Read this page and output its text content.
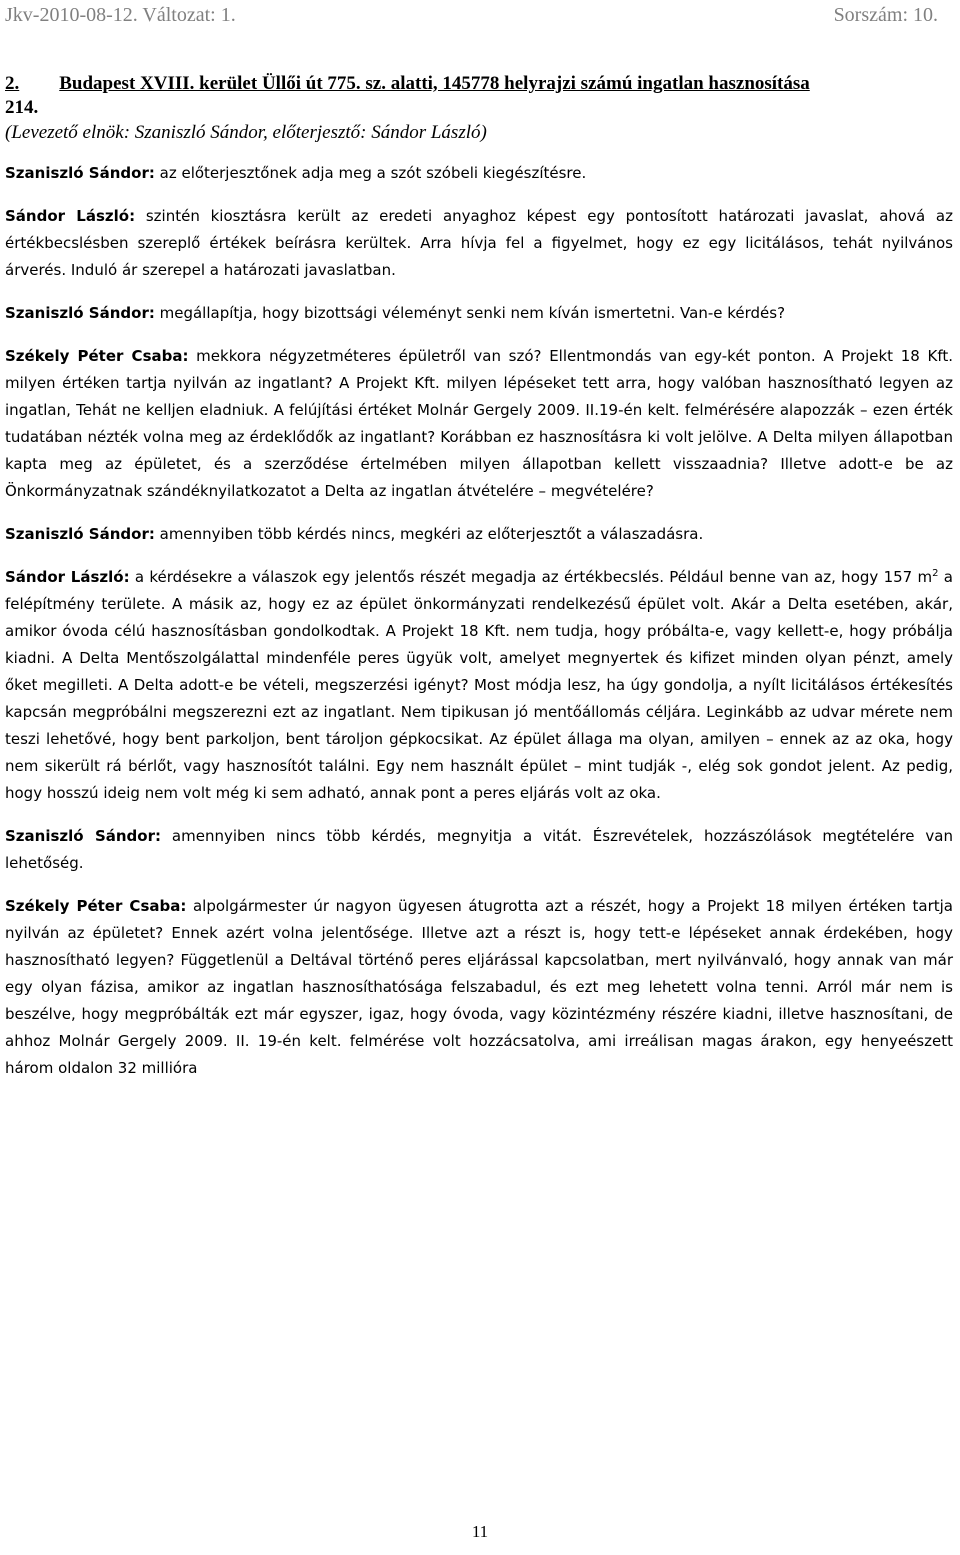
Jkv-2010-08-12. Változat: 1.	Sorszám: 10.
2. Budapest XVIII. kerület Üllői út 775. sz. alatti, 145778 helyrajzi számú ingatlan hasznosítása
214.
(Levezető elnök: Szaniszló Sándor, előterjesztő: Sándor László)
Szaniszló Sándor: az előterjesztőnek adja meg a szót szóbeli kiegészítésre.
Sándor László: szintén kiosztásra került az eredeti anyaghoz képest egy pontosított határozati javaslat, ahová az értékbecslésben szereplő értékek beírásra kerültek. Arra hívja fel a figyelmet, hogy ez egy licitálásos, tehát nyilvános árverés. Induló ár szerepel a határozati javaslatban.
Szaniszló Sándor: megállapítja, hogy bizottsági véleményt senki nem kíván ismertetni. Van-e kérdés?
Székely Péter Csaba: mekkora négyzetméteres épületről van szó? Ellentmondás van egy-két ponton. A Projekt 18 Kft. milyen értéken tartja nyilván az ingatlant? A Projekt Kft. milyen lépéseket tett arra, hogy valóban hasznosítható legyen az ingatlan, Tehát ne kelljen eladniuk. A felújítási értéket Molnár Gergely 2009. II.19-én kelt. felmérésére alapozzák – ezen érték tudatában nézték volna meg az érdeklődők az ingatlant? Korábban ez hasznosításra ki volt jelölve. A Delta milyen állapotban kapta meg az épületet, és a szerződése értelmében milyen állapotban kellett visszaadnia? Illetve adott-e be az Önkormányzatnak szándéknyilatkozatot a Delta az ingatlan átvételére – megvételére?
Szaniszló Sándor: amennyiben több kérdés nincs, megkéri az előterjesztőt a válaszadásra.
Sándor László: a kérdésekre a válaszok egy jelentős részét megadja az értékbecslés. Például benne van az, hogy 157 $m^2$ a felépítmény területe. A másik az, hogy ez az épület önkormányzati rendelkezésű épület volt. Akár a Delta esetében, akár, amikor óvoda célú hasznosításban gondolkodtak. A Projekt 18 Kft. nem tudja, hogy próbálta-e, vagy kellett-e, hogy próbálja kiadni. A Delta Mentőszolgálattal mindenféle peres ügyük volt, amelyet megnyertek és kifizet minden olyan pénzt, amely őket megilleti. A Delta adott-e be vételi, megszerzési igényt? Most módja lesz, ha úgy gondolja, a nyílt licitálásos értékesítés kapcsán megpróbálni megszerezni ezt az ingatlant. Nem tipikusan jó mentőállomás céljára. Leginkább az udvar mérete nem teszi lehetővé, hogy bent parkoljon, bent tároljon gépkocsikat. Az épület állaga ma olyan, amilyen – ennek az az oka, hogy nem sikerült rá bérlőt, vagy hasznosítót találni. Egy nem használt épület – mint tudják -, elég sok gondot jelent. Az pedig, hogy hosszú ideig nem volt még ki sem adható, annak pont a peres eljárás volt az oka.
Szaniszló Sándor: amennyiben nincs több kérdés, megnyitja a vitát. Észrevételek, hozzászólások megtételére van lehetőség.
Székely Péter Csaba: alpolgármester úr nagyon ügyesen átugrotta azt a részét, hogy a Projekt 18 milyen értéken tartja nyilván az épületet? Ennek azért volna jelentősége. Illetve azt a részt is, hogy tett-e lépéseket annak érdekében, hogy hasznosítható legyen? Függetlenül a Deltával történő peres eljárással kapcsolatban, mert nyilvánvaló, hogy annak van már egy olyan fázisa, amikor az ingatlan hasznosíthatósága felszabadul, és ezt meg lehetett volna tenni. Arról már nem is beszélve, hogy megpróbálták ezt már egyszer, igaz, hogy óvoda, vagy közintézmény részére kiadni, illetve hasznosítani, de ahhoz Molnár Gergely 2009. II. 19-én kelt. felmérése volt hozzácsatolva, ami irreálisan magas árakon, egy henyeészett három oldalon 32 millióra
11
